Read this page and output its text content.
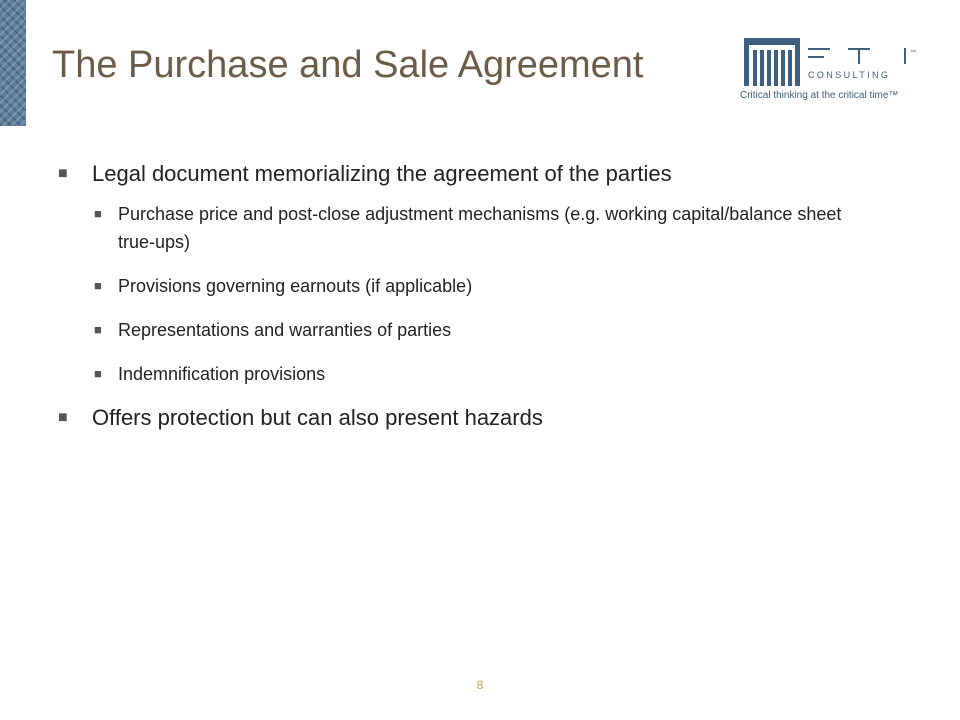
The Purchase and Sale Agreement	™
CONSULTING
Critical thinking at the critical time™
■ Legal document memorializing the agreement of the parties
■ Purchase price and post-close adjustment mechanisms (e.g. working capital/balance sheet true-ups)
■ Provisions governing earnouts (if applicable)
■ Representations and warranties of parties
■ Indemnification provisions
■ Offers protection but can also present hazards
8
